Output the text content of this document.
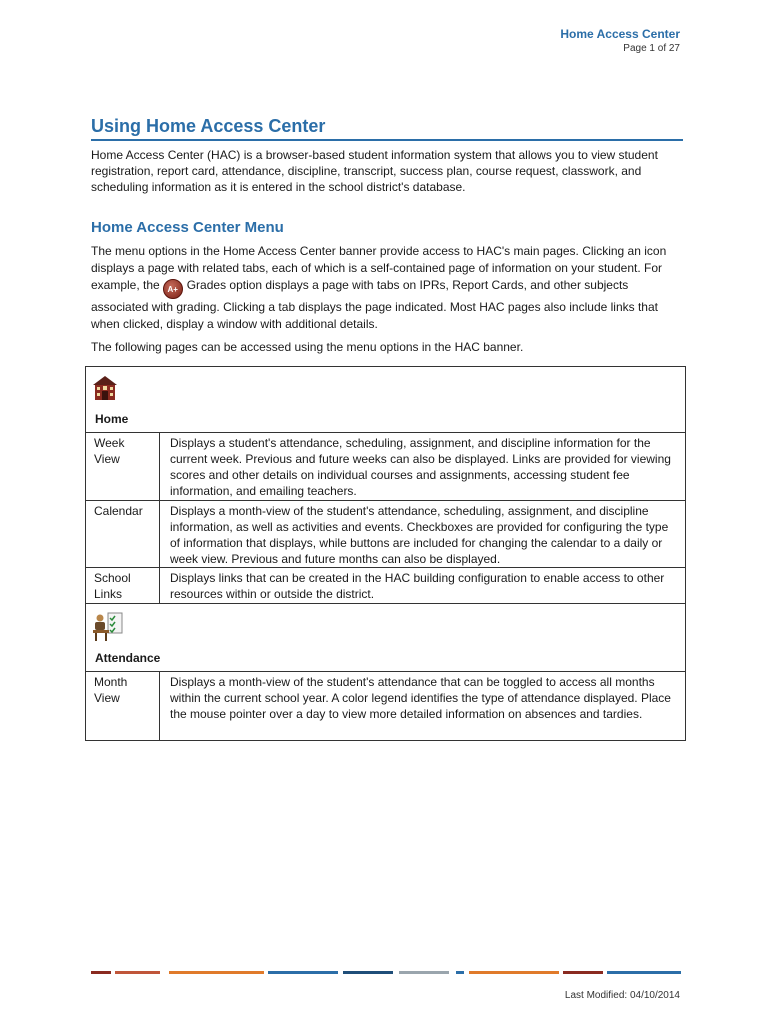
Home Access Center
Page 1 of 27
Using Home Access Center
Home Access Center (HAC) is a browser-based student information system that allows you to view student registration, report card, attendance, discipline, transcript, success plan, course request, classwork, and scheduling information as it is entered in the school district's database.
Home Access Center Menu
The menu options in the Home Access Center banner provide access to HAC's main pages. Clicking an icon displays a page with related tabs, each of which is a self-contained page of information on your student. For example, the A+ Grades option displays a page with tabs on IPRs, Report Cards, and other subjects associated with grading. Clicking a tab displays the page indicated. Most HAC pages also include links that when clicked, display a window with additional details.
The following pages can be accessed using the menu options in the HAC banner.
Home
Week
View
Displays a student's attendance, scheduling, assignment, and discipline information for the current week. Previous and future weeks can also be displayed. Links are provided for viewing scores and other details on individual courses and assignments, accessing student fee information, and emailing teachers.
Calendar	Displays a month-view of the student's attendance, scheduling, assignment, and discipline information, as well as activities and events. Checkboxes are provided for configuring the type of information that displays, while buttons are included for changing the calendar to a daily or week view. Previous and future months can also be displayed.
School
Links
Displays links that can be created in the HAC building configuration to enable access to other resources within or outside the district.
Attendance
Month
View
Displays a month-view of the student's attendance that can be toggled to access all months within the current school year. A color legend identifies the type of attendance displayed. Place the mouse pointer over a day to view more detailed information on absences and tardies.
Last Modified: 04/10/2014
